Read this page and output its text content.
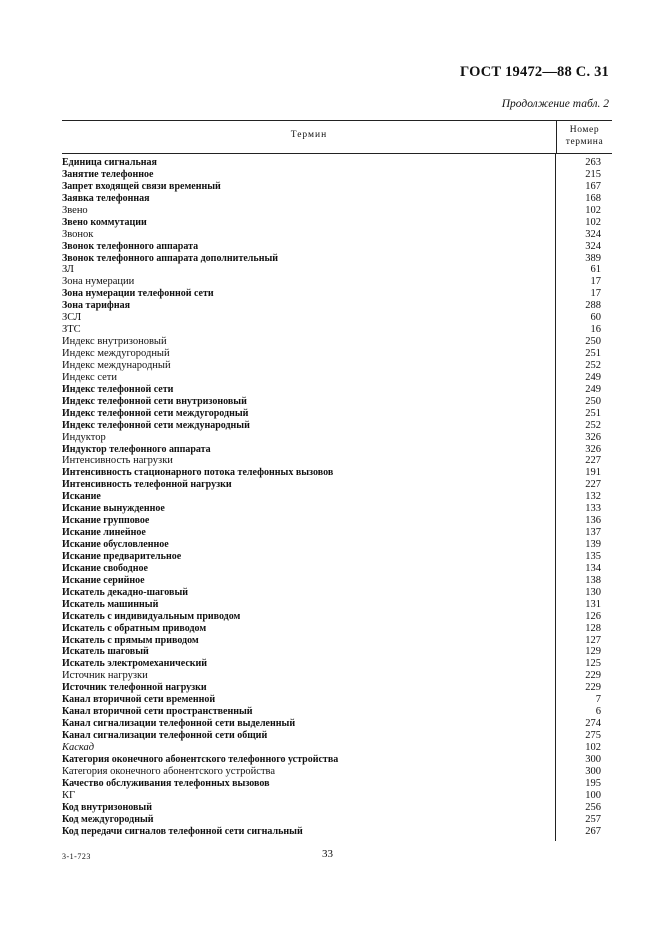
ГОСТ 19472—88 С. 31
Продолжение табл. 2
Термин	Номер
термина
Единица сигнальная	263
Занятие телефонное	215
Запрет входящей связи временный	167
Заявка телефонная	168
Звено	102
Звено коммутации	102
Звонок	324
Звонок телефонного аппарата	324
Звонок телефонного аппарата дополнительный	389
ЗЛ	61
Зона нумерации	17
Зона нумерации телефонной сети	17
Зона тарифная	288
ЗСЛ	60
ЗТС	16
Индекс внутризоновый	250
Индекс междугородный	251
Индекс международный	252
Индекс сети	249
Индекс телефонной сети	249
Индекс телефонной сети внутризоновый	250
Индекс телефонной сети междугородный	251
Индекс телефонной сети международный	252
Индуктор	326
Индуктор телефонного аппарата	326
Интенсивность нагрузки	227
Интенсивность стационарного потока телефонных вызовов	191
Интенсивность телефонной нагрузки	227
Искание	132
Искание вынужденное	133
Искание групповое	136
Искание линейное	137
Искание обусловленное	139
Искание предварительное	135
Искание свободное	134
Искание серийное	138
Искатель декадно-шаговый	130
Искатель машинный	131
Искатель с индивидуальным приводом	126
Искатель с обратным приводом	128
Искатель с прямым приводом	127
Искатель шаговый	129
Искатель электромеханический	125
Источник нагрузки	229
Источник телефонной нагрузки	229
Канал вторичной сети временной	7
Канал вторичной сети пространственный	6
Канал сигнализации телефонной сети выделенный	274
Канал сигнализации телефонной сети общий	275
Каскад	102
Категория оконечного абонентского телефонного устройства	300
Категория оконечного абонентского устройства	300
Качество обслуживания телефонных вызовов	195
КГ	100
Код внутризоновый	256
Код междугородный	257
Код передачи сигналов телефонной сети сигнальный	267
3-1-723	33
